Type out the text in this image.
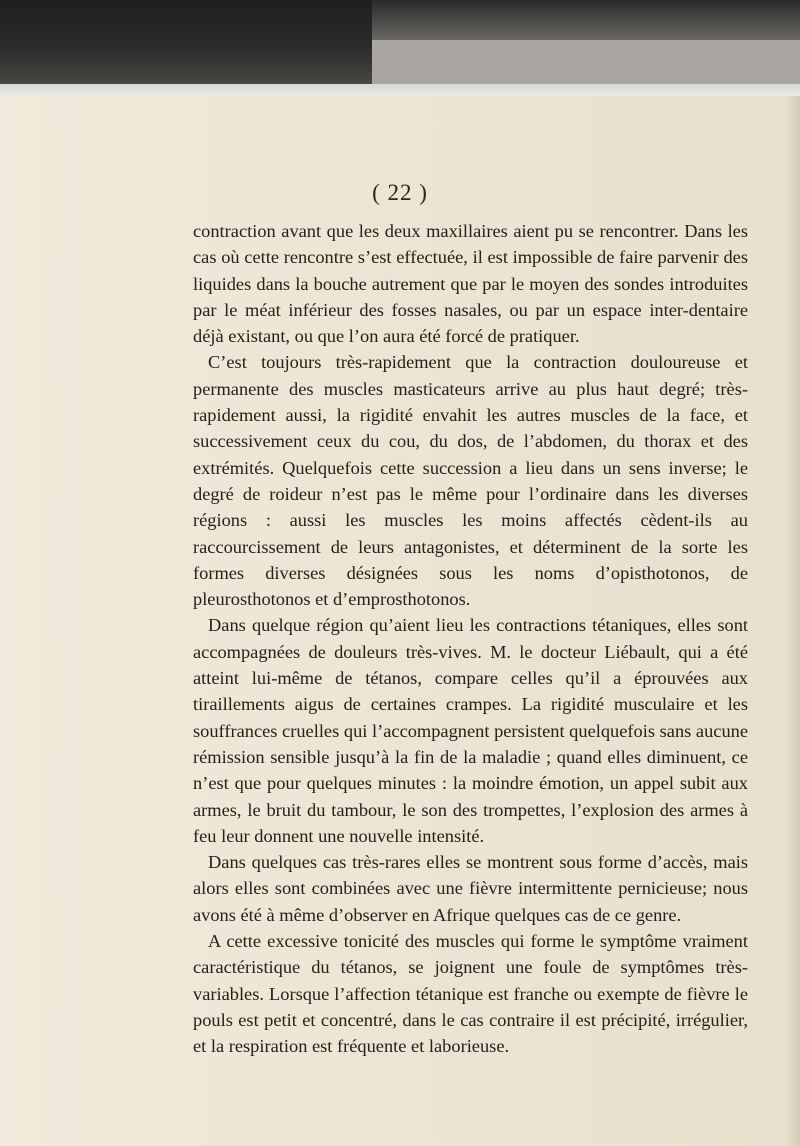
( 22 )

contraction avant que les deux maxillaires aient pu se rencontrer. Dans les cas où cette rencontre s’est effectuée, il est impossible de faire parvenir des liquides dans la bouche autrement que par le moyen des sondes introduites par le méat inférieur des fosses nasales, ou par un espace inter-dentaire déjà existant, ou que l’on aura été forcé de pratiquer.

C’est toujours très-rapidement que la contraction douloureuse et permanente des muscles masticateurs arrive au plus haut degré; très-rapidement aussi, la rigidité envahit les autres muscles de la face, et successivement ceux du cou, du dos, de l’abdomen, du thorax et des extrémités. Quelquefois cette succession a lieu dans un sens inverse; le degré de roideur n’est pas le même pour l’ordinaire dans les diverses régions : aussi les muscles les moins affectés cèdent-ils au raccourcissement de leurs antagonistes, et déterminent de la sorte les formes diverses désignées sous les noms d’opisthotonos, de pleurosthotonos et d’emprosthotonos.

Dans quelque région qu’aient lieu les contractions tétaniques, elles sont accompagnées de douleurs très-vives. M. le docteur Liébault, qui a été atteint lui-même de tétanos, compare celles qu’il a éprouvées aux tiraillements aigus de certaines crampes. La rigidité musculaire et les souffrances cruelles qui l’accompagnent persistent quelquefois sans aucune rémission sensible jusqu’à la fin de la maladie ; quand elles diminuent, ce n’est que pour quelques minutes : la moindre émotion, un appel subit aux armes, le bruit du tambour, le son des trompettes, l’explosion des armes à feu leur donnent une nouvelle intensité.

Dans quelques cas très-rares elles se montrent sous forme d’accès, mais alors elles sont combinées avec une fièvre intermittente pernicieuse; nous avons été à même d’observer en Afrique quelques cas de ce genre.

A cette excessive tonicité des muscles qui forme le symptôme vraiment caractéristique du tétanos, se joignent une foule de symptômes très-variables. Lorsque l’affection tétanique est franche ou exempte de fièvre le pouls est petit et concentré, dans le cas contraire il est précipité, irrégulier, et la respiration est fréquente et laborieuse.
